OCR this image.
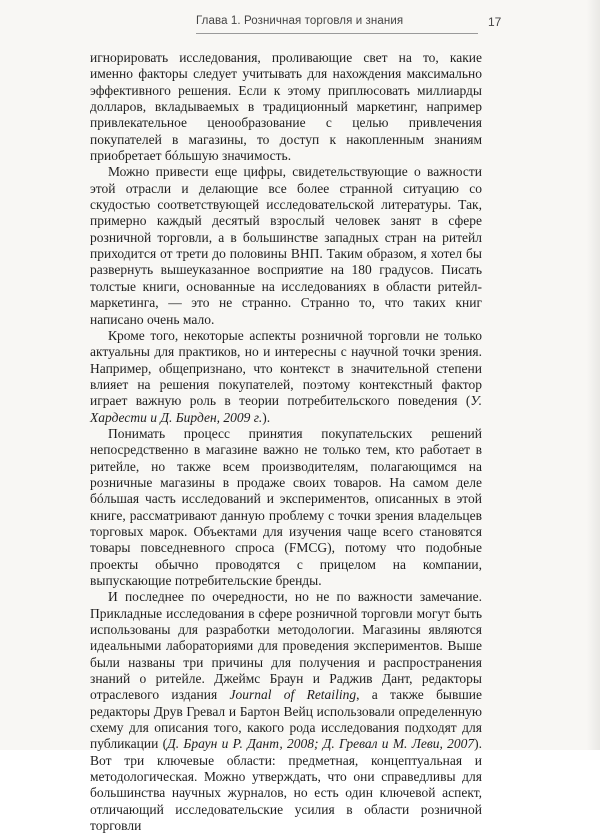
Глава 1. Розничная торговля и знания	17

игнорировать исследования, проливающие свет на то, какие именно факторы следует учитывать для нахождения максимально эффективного решения. Если к этому приплюсовать миллиарды долларов, вкладываемых в традиционный маркетинг, например привлекательное ценообразование с целью привлечения покупателей в магазины, то доступ к накопленным знаниям приобретает бóльшую значимость.

Можно привести еще цифры, свидетельствующие о важности этой отрасли и делающие все более странной ситуацию со скудостью соответствующей исследовательской литературы. Так, примерно каждый десятый взрослый человек занят в сфере розничной торговли, а в большинстве западных стран на ритейл приходится от трети до половины ВНП. Таким образом, я хотел бы развернуть вышеуказанное восприятие на 180 градусов. Писать толстые книги, основанные на исследованиях в области ритейл-маркетинга, — это не странно. Странно то, что таких книг написано очень мало.

Кроме того, некоторые аспекты розничной торговли не только актуальны для практиков, но и интересны с научной точки зрения. Например, общепризнано, что контекст в значительной степени влияет на решения покупателей, поэтому контекстный фактор играет важную роль в теории потребительского поведения (У. Хардести и Д. Бирден, 2009 г.).

Понимать процесс принятия покупательских решений непосредственно в магазине важно не только тем, кто работает в ритейле, но также всем производителям, полагающимся на розничные магазины в продаже своих товаров. На самом деле бóльшая часть исследований и экспериментов, описанных в этой книге, рассматривают данную проблему с точки зрения владельцев торговых марок. Объектами для изучения чаще всего становятся товары повседневного спроса (FMCG), потому что подобные проекты обычно проводятся с прицелом на компании, выпускающие потребительские бренды.

И последнее по очередности, но не по важности замечание. Прикладные исследования в сфере розничной торговли могут быть использованы для разработки методологии. Магазины являются идеальными лабораториями для проведения экспериментов. Выше были названы три причины для получения и распространения знаний о ритейле. Джеймс Браун и Раджив Дант, редакторы отраслевого издания Journal of Retailing, а также бывшие редакторы Друв Гревал и Бартон Вейц использовали определенную схему для описания того, какого рода исследования подходят для публикации (Д. Браун и Р. Дант, 2008; Д. Гревал и М. Леви, 2007). Вот три ключевые области: предметная, концептуальная и методологическая. Можно утверждать, что они справедливы для большинства научных журналов, но есть один ключевой аспект, отличающий исследовательские усилия в области розничной торговли
